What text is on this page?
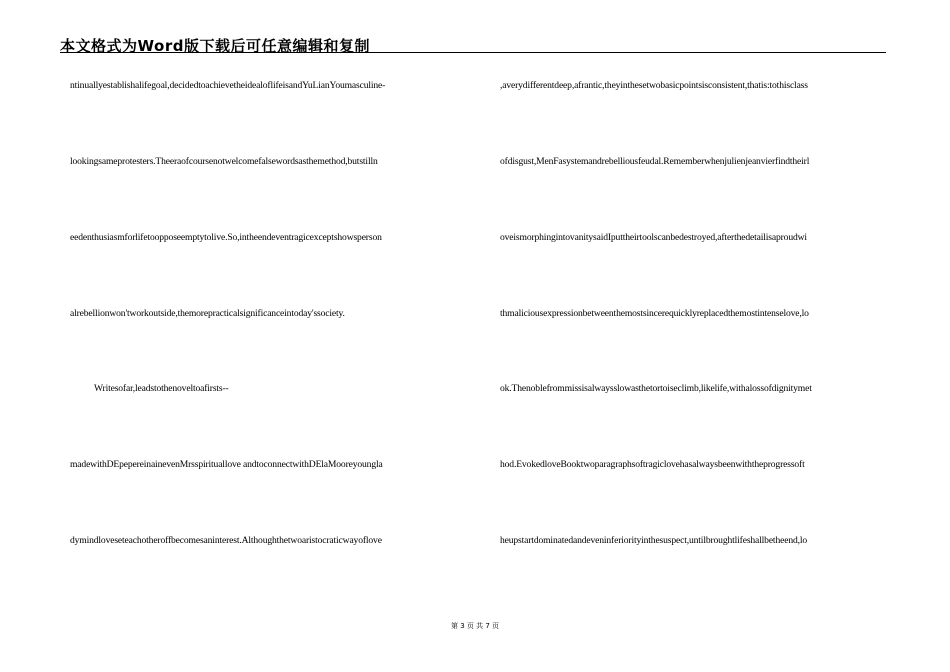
本文格式为Word版下载后可任意编辑和复制
ntinuallyestablishalifegoal,decidedtoachievetheidealoflifeisandYuLianYoumasculine-
lookingsameprotesters.Theeraofcoursenotwelcomefalsewordsasthemethod,butstilln
eedenthusiasmforlifetoopposeemptytolive.So,intheendeventragicexceptshowsperson
alrebellionwon'tworkoutside,themorepracticalsignificanceintoday'ssociety.
Writesofar,leadstothenoveltoafirsts--
madewithDEpepereinainevenMrsspirituallove andtoconnectwithDElaMooreyoungla
dymindloveseteachotheroffbecomesaninterest.Althoughthetwoaristocraticwayoflove
,averydifferentdeep,afrantic,theyinthesetwobasicpointsisconsistent,thatis:tothisclass
ofdisgust,MenFasystemandrebelliousfeudal.Rememberwhenjulienjeanvierfindtheirl
oveismorphingintovanitysaidIputtheirtoolscanbedestroyed,afterthedetailisaproudwi
thmaliciousexpressionbetweenthemostsincerequicklyreplacedthemostintenselove,lo
ok.Thenoblefrommissisalwaysslowasthetortoiseclimb,likelife,withalossofdignitymet
hod.EvokedloveBooktwoparagraphsoftragiclovehasalwaysbeenwiththeprogressoft
heupstartdominatedandeveninferiorityinthesuspect,untilbroughtlifeshallbetheend,lo
第 3 页 共 7 页
